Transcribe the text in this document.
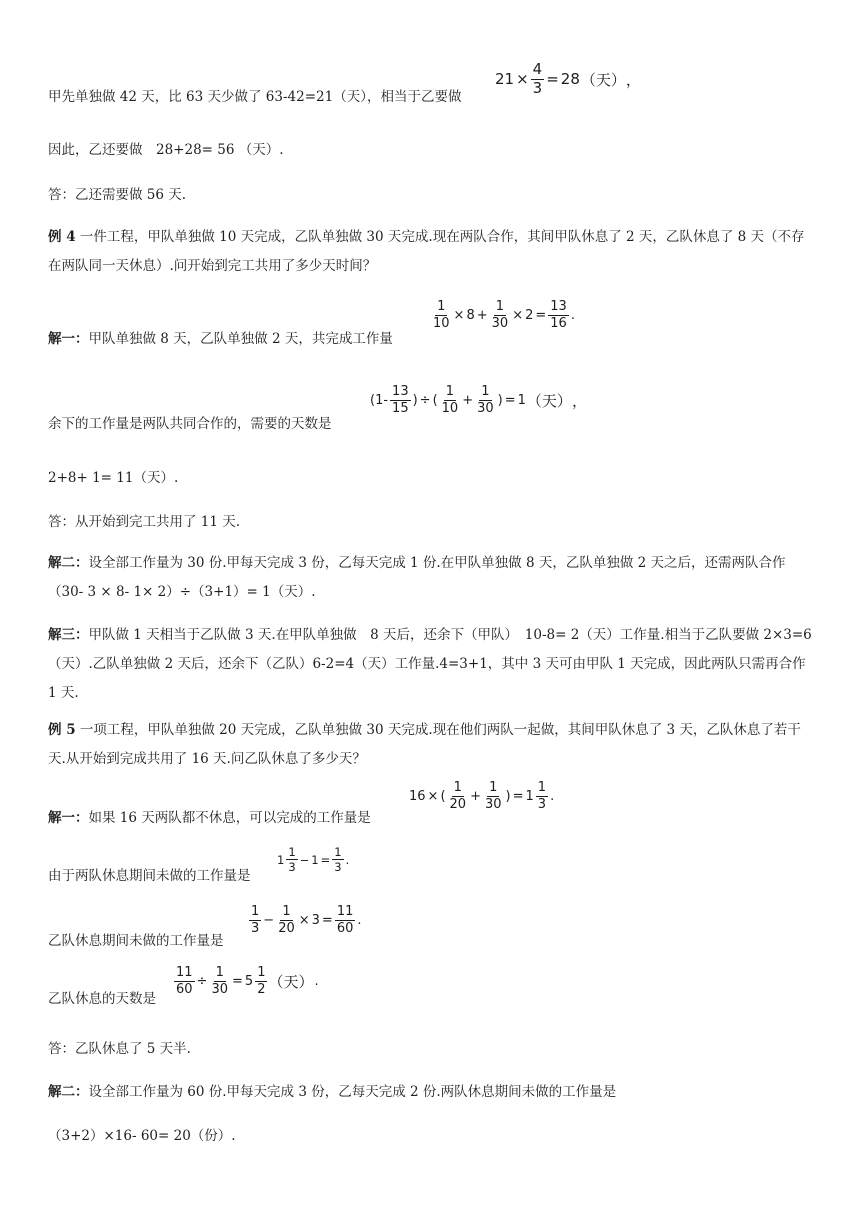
甲先单独做 42 天，比 63 天少做了 63-42=21（天），相当于乙要做
$21 \times \frac{4}{3} = 28$ （天） ，
因此，乙还要做　28+28= 56 （天）.
答：乙还需要做 56 天.
例 4 一件工程，甲队单独做 10 天完成，乙队单独做 30 天完成.现在两队合作，其间甲队休息了 2 天，乙队休息了 8 天（不存在两队同一天休息）.问开始到完工共用了多少天时间？
解一：甲队单独做 8 天，乙队单独做 2 天，共完成工作量
$\frac{1}{10} \times 8 + \frac{1}{30} \times 2 = \frac{13}{16}$ .
余下的工作量是两队共同合作的，需要的天数是
($1- \frac{13}{15}$ ) ÷ ( $\frac{1}{10} + \frac{1}{30}$ ) = 1 （天） ，
2+8+ 1= 11（天）.
答：从开始到完工共用了 11 天.
解二：设全部工作量为 30 份.甲每天完成 3 份，乙每天完成 1 份.在甲队单独做 8 天，乙队单独做 2 天之后，还需两队合作（30- 3 × 8- 1× 2）÷（3+1）= 1（天）.
解三：甲队做 1 天相当于乙队做 3 天.在甲队单独做　8 天后，还余下（甲队）　10-8= 2（天）工作量.相当于乙队要做 2×3=6（天）.乙队单独做 2 天后，还余下（乙队）6-2=4（天）工作量.4=3+1，其中 3 天可由甲队 1 天完成，因此两队只需再合作 1 天.
例 5 一项工程，甲队单独做 20 天完成，乙队单独做 30 天完成.现在他们两队一起做，其间甲队休息了 3 天，乙队休息了若干天.从开始到完成共用了 16 天.问乙队休息了多少天？
解一：如果 16 天两队都不休息，可以完成的工作量是
16 × ( $\frac{1}{20} + \frac{1}{30}$ ) = $1 \frac{1}{3}$ .
由于两队休息期间未做的工作量是
$1 \frac{1}{3} - 1 = \frac{1}{3}$ .
乙队休息期间未做的工作量是
$\frac{1}{3} - \frac{1}{20} \times 3 = \frac{11}{60}$ .
乙队休息的天数是
$\frac{11}{60} \div \frac{1}{30} = 5 \frac{1}{2}$ （天） .
答：乙队休息了 5 天半.
解二：设全部工作量为 60 份.甲每天完成 3 份，乙每天完成 2 份.两队休息期间未做的工作量是
（3+2）×16- 60= 20（份）.
